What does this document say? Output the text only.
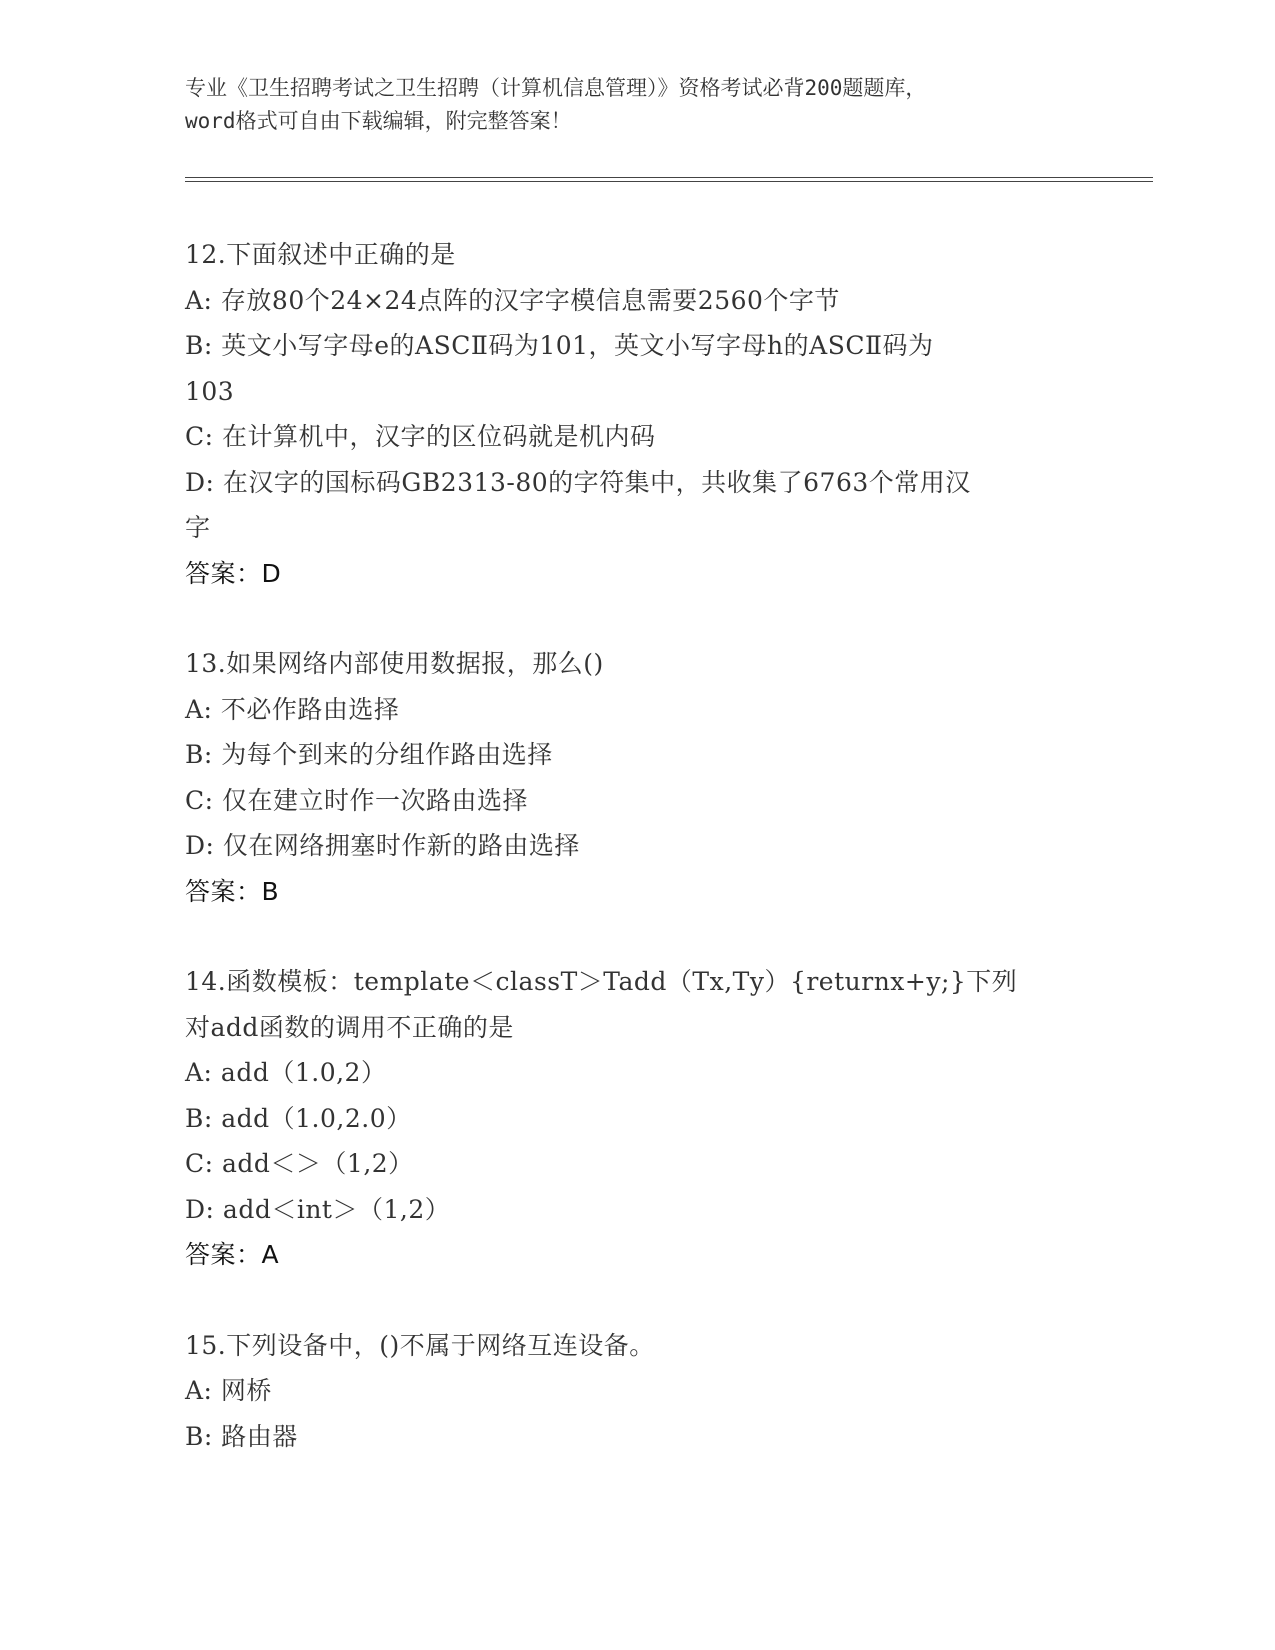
专业《卫生招聘考试之卫生招聘（计算机信息管理）》资格考试必背200题题库，
word格式可自由下载编辑，附完整答案！
12.下面叙述中正确的是
A: 存放80个24×24点阵的汉字字模信息需要2560个字节
B: 英文小写字母e的ASCⅡ码为101，英文小写字母h的ASCⅡ码为
103
C: 在计算机中，汉字的区位码就是机内码
D: 在汉字的国标码GB2313-80的字符集中，共收集了6763个常用汉
字
答案：D
13.如果网络内部使用数据报，那么()
A: 不必作路由选择
B: 为每个到来的分组作路由选择
C: 仅在建立时作一次路由选择
D: 仅在网络拥塞时作新的路由选择
答案：B
14.函数模板：template＜classT＞Tadd（Tx,Ty）{returnx+y;}下列
对add函数的调用不正确的是
A: add（1.0,2）
B: add（1.0,2.0）
C: add＜＞（1,2）
D: add＜int＞（1,2）
答案：A
15.下列设备中，()不属于网络互连设备。
A: 网桥
B: 路由器
